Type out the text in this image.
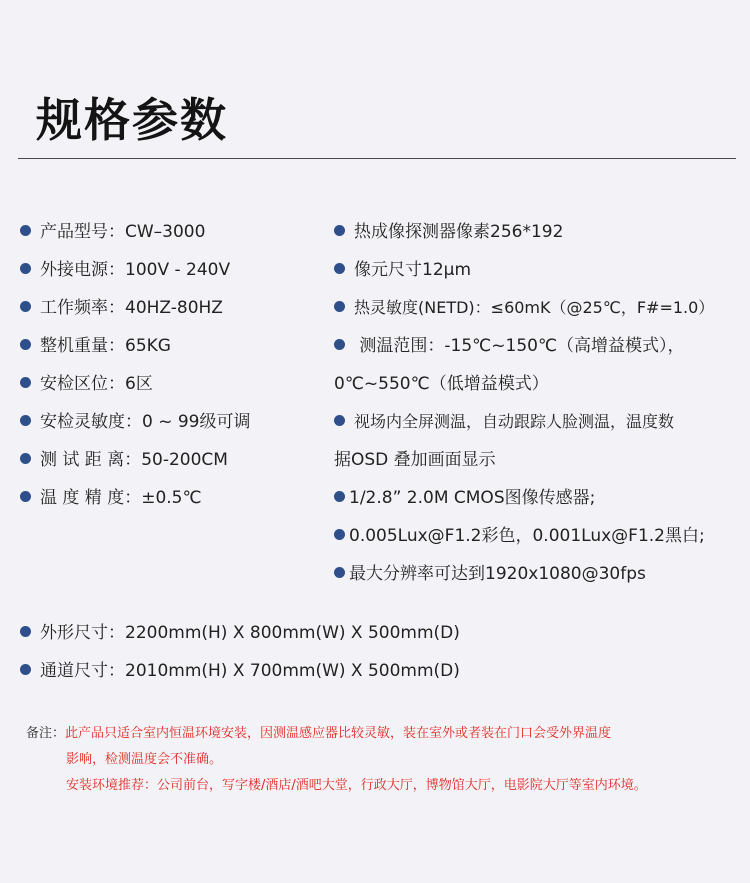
规格参数
产品型号：CW–3000
外接电源：100V - 240V
工作频率：40HZ-80HZ
整机重量：65KG
安检区位：6区
安检灵敏度：0 ~ 99级可调
测 试 距 离：50-200CM
温 度 精 度：±0.5℃
热成像探测器像素256*192
像元尺寸12μm
热灵敏度(NETD)：≤60mK（@25℃，F#=1.0）
测温范围：-15℃~150℃（高增益模式），
0℃~550℃（低增益模式）
视场内全屏测温，自动跟踪人脸测温，温度数
据OSD 叠加画面显示
1/2.8” 2.0M CMOS图像传感器;
0.005Lux@F1.2彩色，0.001Lux@F1.2黑白;
最大分辨率可达到1920x1080@30fps
外形尺寸：2200mm(H) X 800mm(W) X 500mm(D)
通道尺寸：2010mm(H) X 700mm(W) X 500mm(D)
备注：此产品只适合室内恒温环境安装，因测温感应器比较灵敏，装在室外或者装在门口会受外界温度
影响，检测温度会不准确。
安装环境推荐：公司前台，写字楼/酒店/酒吧大堂，行政大厅，博物馆大厅，电影院大厅等室内环境。
